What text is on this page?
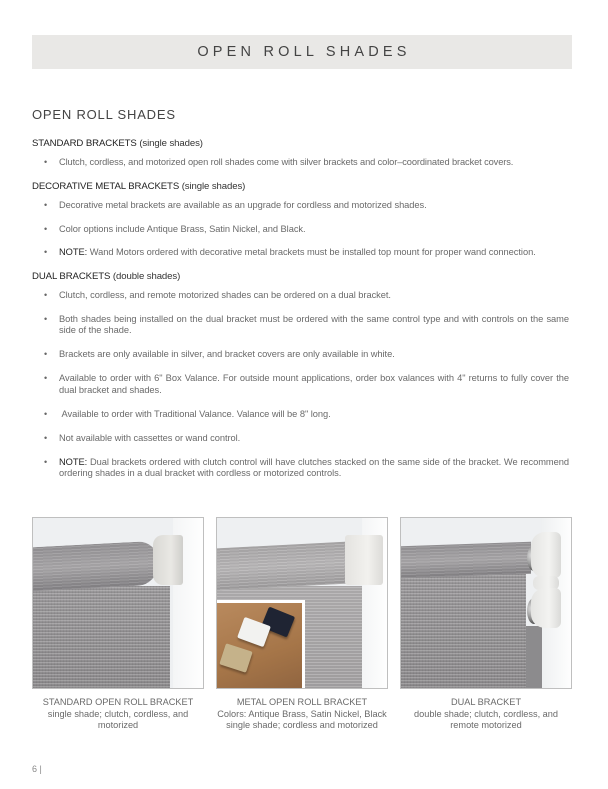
OPEN ROLL SHADES
OPEN ROLL SHADES
STANDARD BRACKETS (single shades)
• Clutch, cordless, and motorized open roll shades come with silver brackets and color–coordinated bracket covers.
DECORATIVE METAL BRACKETS (single shades)
• Decorative metal brackets are available as an upgrade for cordless and motorized shades.
• Color options include Antique Brass, Satin Nickel, and Black.
• NOTE: Wand Motors ordered with decorative metal brackets must be installed top mount for proper wand connection.
DUAL BRACKETS (double shades)
• Clutch, cordless, and remote motorized shades can be ordered on a dual bracket.
• Both shades being installed on the dual bracket must be ordered with the same control type and with controls on the same side of the shade.
• Brackets are only available in silver, and bracket covers are only available in white.
• Available to order with 6" Box Valance. For outside mount applications, order box valances with 4" returns to fully cover the dual bracket and shades.
•  Available to order with Traditional Valance. Valance will be 8" long.
• Not available with cassettes or wand control.
• NOTE: Dual brackets ordered with clutch control will have clutches stacked on the same side of the bracket. We recommend ordering shades in a dual bracket with cordless or motorized controls.
STANDARD OPEN ROLL BRACKET
single shade; clutch, cordless, and
motorized
METAL OPEN ROLL BRACKET
Colors: Antique Brass, Satin Nickel, Black
single shade; cordless and motorized
DUAL BRACKET
double shade; clutch, cordless, and
remote motorized
6 |
